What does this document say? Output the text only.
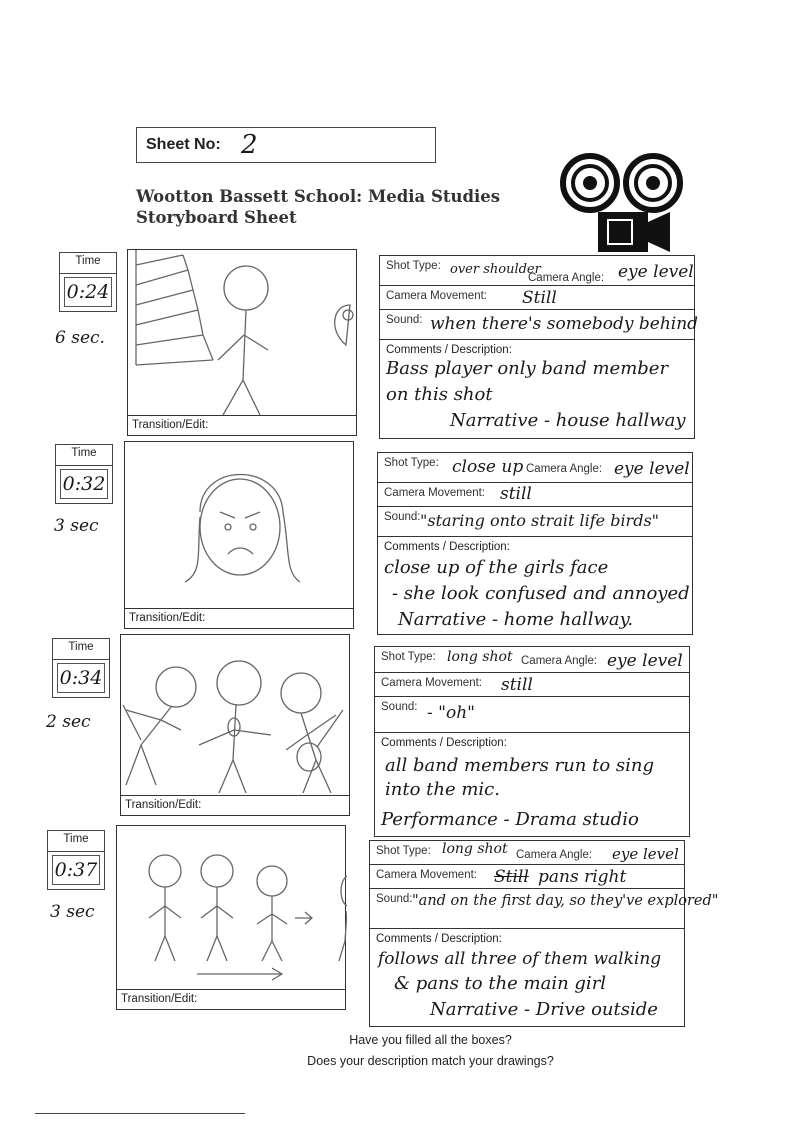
Sheet No: 2
Wootton Bassett School: Media Studies
Storyboard Sheet
Time
0:24
6 sec.
Transition/Edit:
Shot Type: over shoulder
Camera Angle: eye level
Camera Movement: Still
Sound: when there's somebody behind
Comments / Description:
Bass player only band member
on this shot
Narrative - house hallway
Time
0:32
3 sec
Transition/Edit:
Shot Type: close up Camera Angle: eye level
Camera Movement: still
Sound: "staring onto strait life birds"
Comments / Description:
close up of the girls face
- she look confused and annoyed
Narrative - home hallway.
Time
0:34
2 sec
Transition/Edit:
Shot Type: long shot Camera Angle: eye level
Camera Movement: still
Sound: - "oh"
Comments / Description:
all band members run to sing
into the mic.
Performance - Drama studio
Time
0:37
3 sec
Transition/Edit:
Shot Type: long shot Camera Angle: eye level
Camera Movement: Still pans right
Sound: "and on the first day, so they've explored"
Comments / Description:
follows all three of them walking
& pans to the main girl
Narrative - Drive outside
Have you filled all the boxes?
Does your description match your drawings?
